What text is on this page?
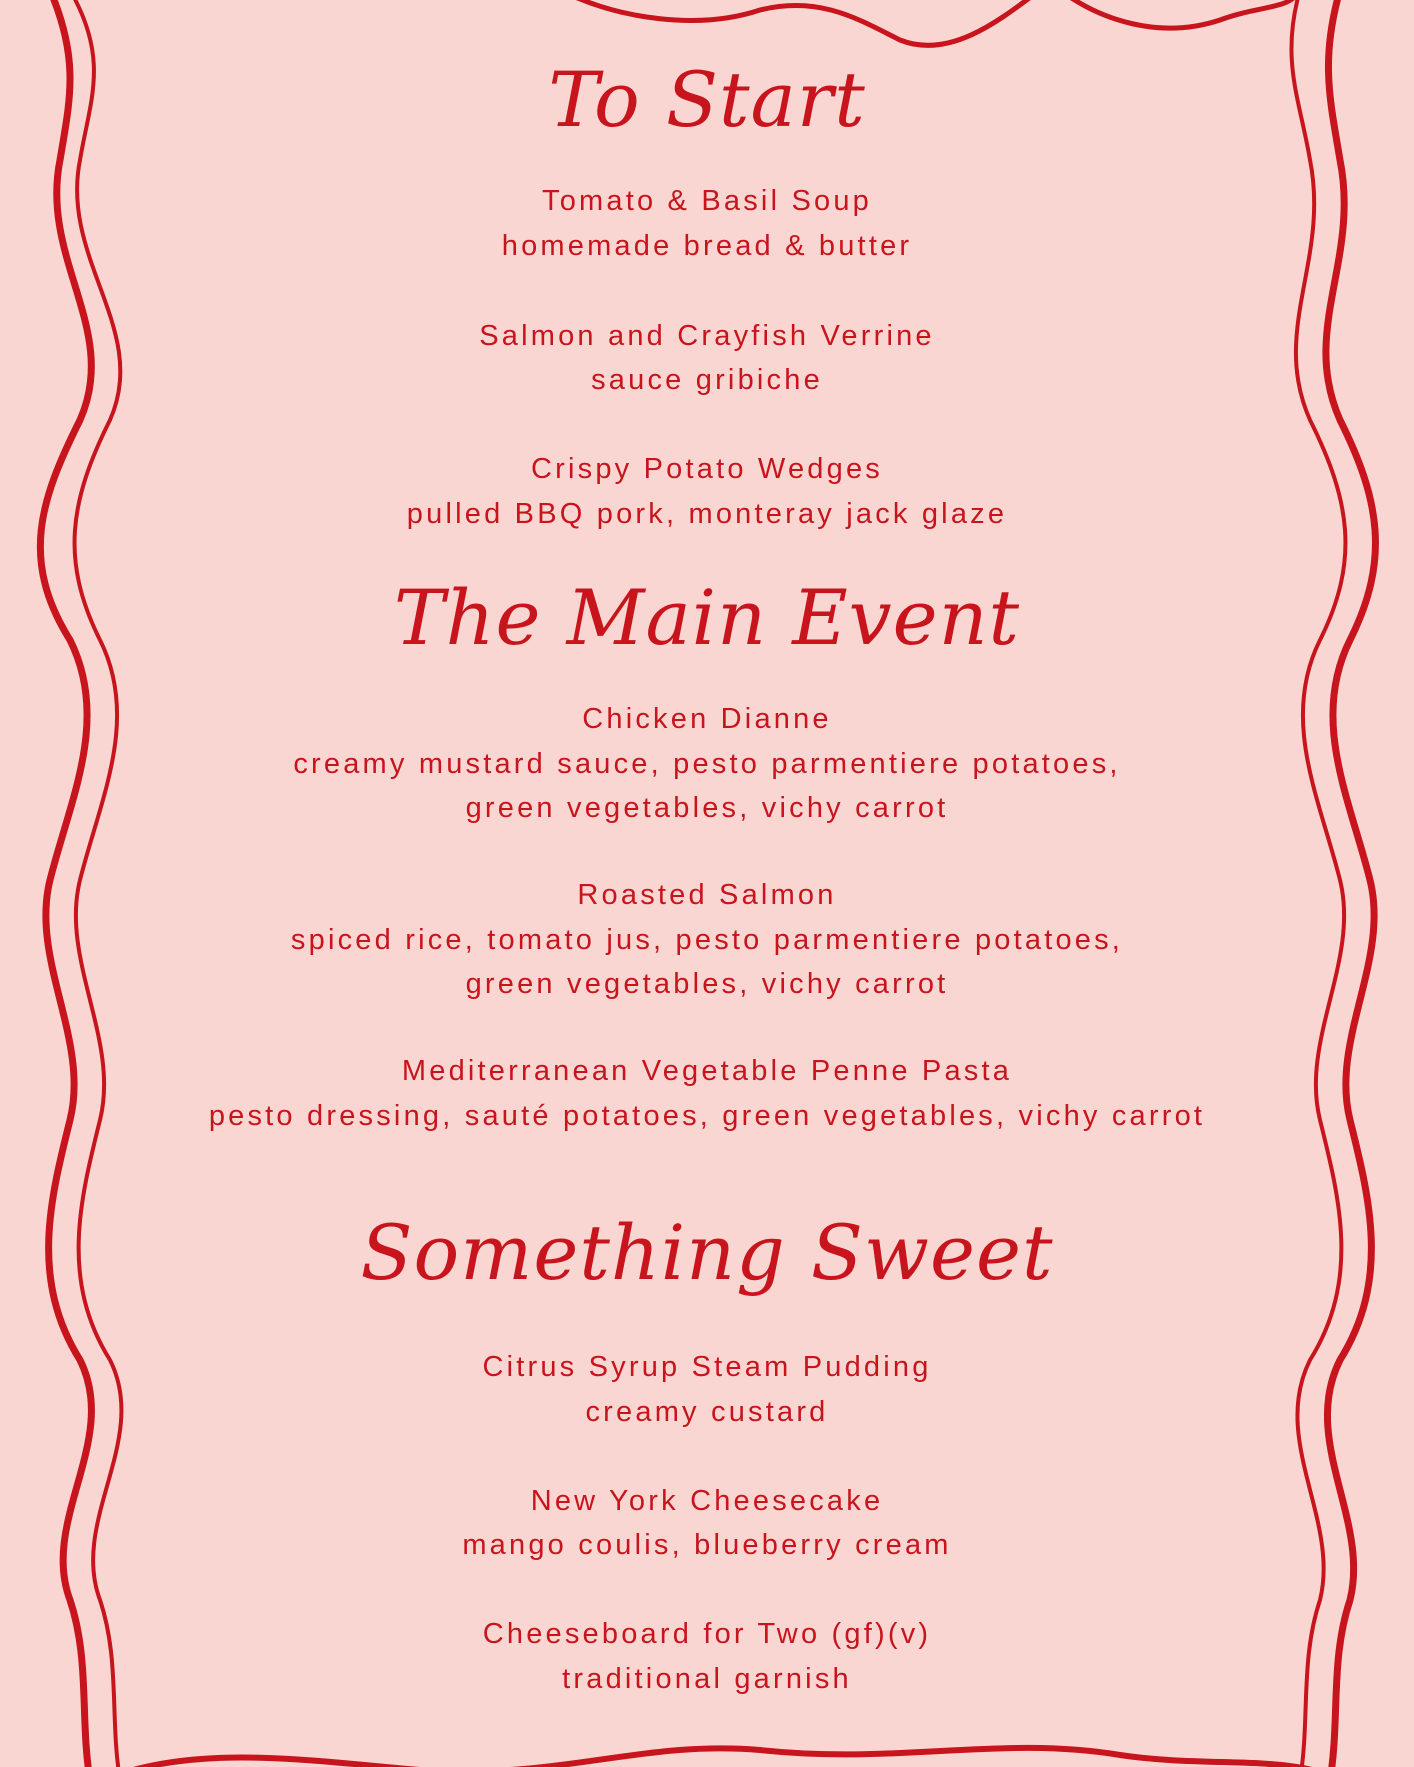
To Start
Tomato & Basil Soup
homemade bread & butter
Salmon and Crayfish Verrine
sauce gribiche
Crispy Potato Wedges
pulled BBQ pork, monteray jack glaze
The Main Event
Chicken Dianne
creamy mustard sauce, pesto parmentiere potatoes,
green vegetables, vichy carrot
Roasted Salmon
spiced rice, tomato jus, pesto parmentiere potatoes,
green vegetables, vichy carrot
Mediterranean Vegetable Penne Pasta
pesto dressing, sauté potatoes, green vegetables, vichy carrot
Something Sweet
Citrus Syrup Steam Pudding
creamy custard
New York Cheesecake
mango coulis, blueberry cream
Cheeseboard for Two (gf)(v)
traditional garnish
